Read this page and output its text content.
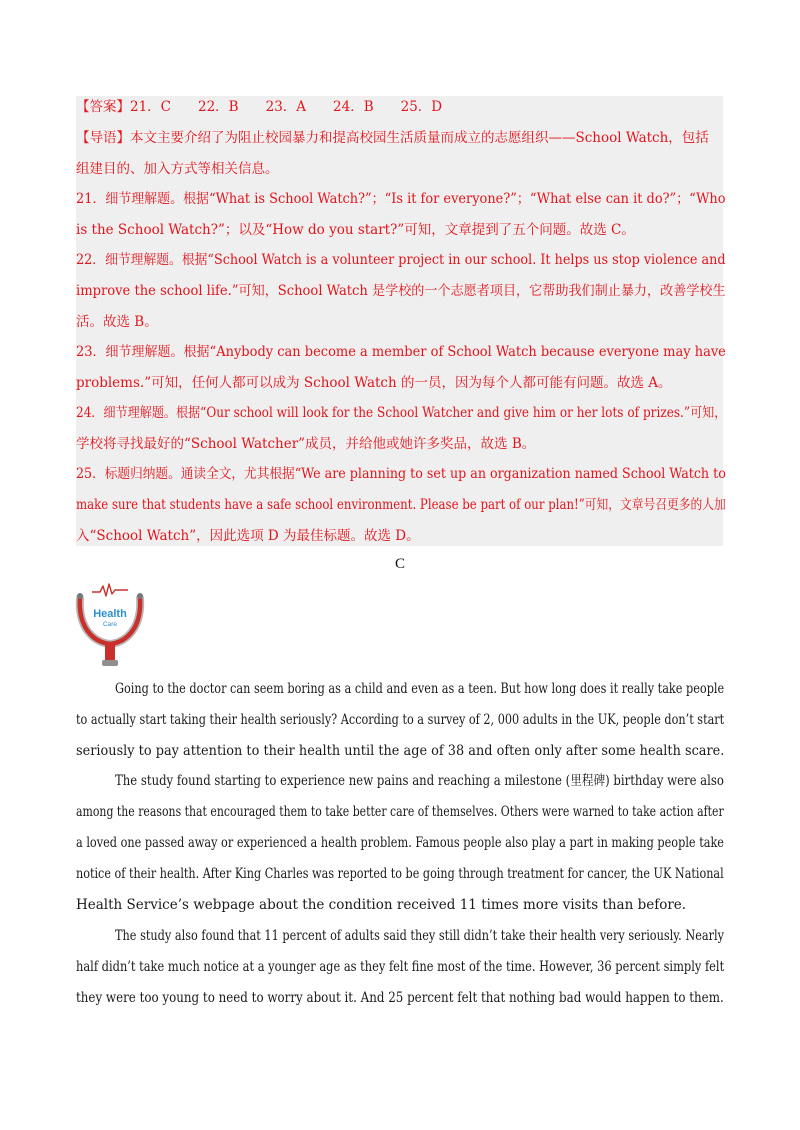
【答案】21．C　　22．B　　23．A　　24．B　　25．D
【导语】本文主要介绍了为阻止校园暴力和提高校园生活质量而成立的志愿组织——School Watch，包括
组建目的、加入方式等相关信息。
21．细节理解题。根据“What is School Watch?”；“Is it for everyone?”；“What else can it do?”；“Who
is the School Watch?”；以及“How do you start?”可知，文章提到了五个问题。故选 C。
22．细节理解题。根据“School Watch is a volunteer project in our school. It helps us stop violence and
improve the school life.”可知，School Watch 是学校的一个志愿者项目，它帮助我们制止暴力，改善学校生
活。故选 B。
23．细节理解题。根据“Anybody can become a member of School Watch because everyone may have
problems.”可知，任何人都可以成为 School Watch 的一员，因为每个人都可能有问题。故选 A。
24．细节理解题。根据“Our school will look for the School Watcher and give him or her lots of prizes.”可知，
学校将寻找最好的“School Watcher”成员，并给他或她许多奖品，故选 B。
25．标题归纳题。通读全文，尤其根据“We are planning to set up an organization named School Watch to
make sure that students have a safe school environment. Please be part of our plan!”可知，文章号召更多的人加
入“School Watch”，因此选项 D 为最佳标题。故选 D。
C
Health
Care
Going to the doctor can seem boring as a child and even as a teen. But how long does it really take people
to actually start taking their health seriously? According to a survey of 2, 000 adults in the UK, people don’t start
seriously to pay attention to their health until the age of 38 and often only after some health scare.
The study found starting to experience new pains and reaching a milestone (里程碑) birthday were also
among the reasons that encouraged them to take better care of themselves. Others were warned to take action after
a loved one passed away or experienced a health problem. Famous people also play a part in making people take
notice of their health. After King Charles was reported to be going through treatment for cancer, the UK National
Health Service’s webpage about the condition received 11 times more visits than before.
The study also found that 11 percent of adults said they still didn’t take their health very seriously. Nearly
half didn’t take much notice at a younger age as they felt fine most of the time. However, 36 percent simply felt
they were too young to need to worry about it. And 25 percent felt that nothing bad would happen to them.
